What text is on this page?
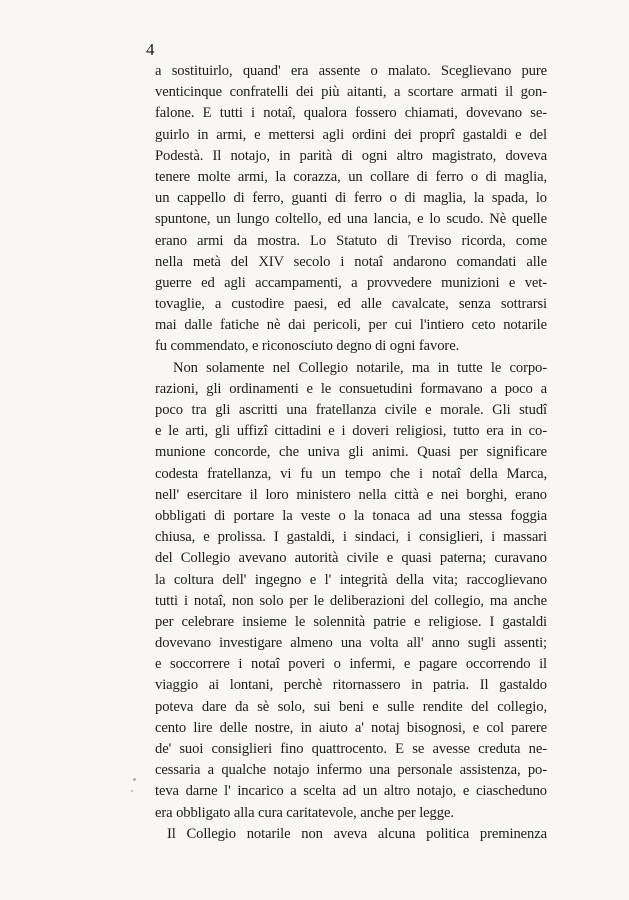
4
a sostituirlo, quand' era assente o malato. Sceglievano pure
venticinque confratelli dei più aitanti, a scortare armati il gon-
falone. E tutti i notaî, qualora fossero chiamati, dovevano se-
guirlo in armi, e mettersi agli ordini dei proprî gastaldi e del
Podestà. Il notajo, in parità di ogni altro magistrato, doveva
tenere molte armi, la corazza, un collare di ferro o di maglia,
un cappello di ferro, guanti di ferro o di maglia, la spada, lo
spuntone, un lungo coltello, ed una lancia, e lo scudo. Nè quelle
erano armi da mostra. Lo Statuto di Treviso ricorda, come
nella metà del XIV secolo i notaî andarono comandati alle
guerre ed agli accampamenti, a provvedere munizioni e vet-
tovaglie, a custodire paesi, ed alle cavalcate, senza sottrarsi
mai dalle fatiche nè dai pericoli, per cui l'intiero ceto notarile
fu commendato, e riconosciuto degno di ogni favore.
Non solamente nel Collegio notarile, ma in tutte le corpo-
razioni, gli ordinamenti e le consuetudini formavano a poco a
poco tra gli ascritti una fratellanza civile e morale. Gli studî
e le arti, gli uffizî cittadini e i doveri religiosi, tutto era in co-
munione concorde, che univa gli animi. Quasi per significare
codesta fratellanza, vi fu un tempo che i notaî della Marca,
nell' esercitare il loro ministero nella città e nei borghi, erano
obbligati di portare la veste o la tonaca ad una stessa foggia
chiusa, e prolissa. I gastaldi, i sindaci, i consiglieri, i massari
del Collegio avevano autorità civile e quasi paterna; curavano
la coltura dell' ingegno e l' integrità della vita; raccoglievano
tutti i notaî, non solo per le deliberazioni del collegio, ma anche
per celebrare insieme le solennità patrie e religiose. I gastaldi
dovevano investigare almeno una volta all' anno sugli assenti;
e soccorrere i notaî poveri o infermi, e pagare occorrendo il
viaggio ai lontani, perchè ritornassero in patria. Il gastaldo
poteva dare da sè solo, sui beni e sulle rendite del collegio,
cento lire delle nostre, in aiuto a' notaj bisognosi, e col parere
de' suoi consiglieri fino quattrocento. E se avesse creduta ne-
cessaria a qualche notajo infermo una personale assistenza, po-
teva darne l' incarico a scelta ad un altro notajo, e ciascheduno
era obbligato alla cura caritatevole, anche per legge.
Il Collegio notarile non aveva alcuna politica preminenza
